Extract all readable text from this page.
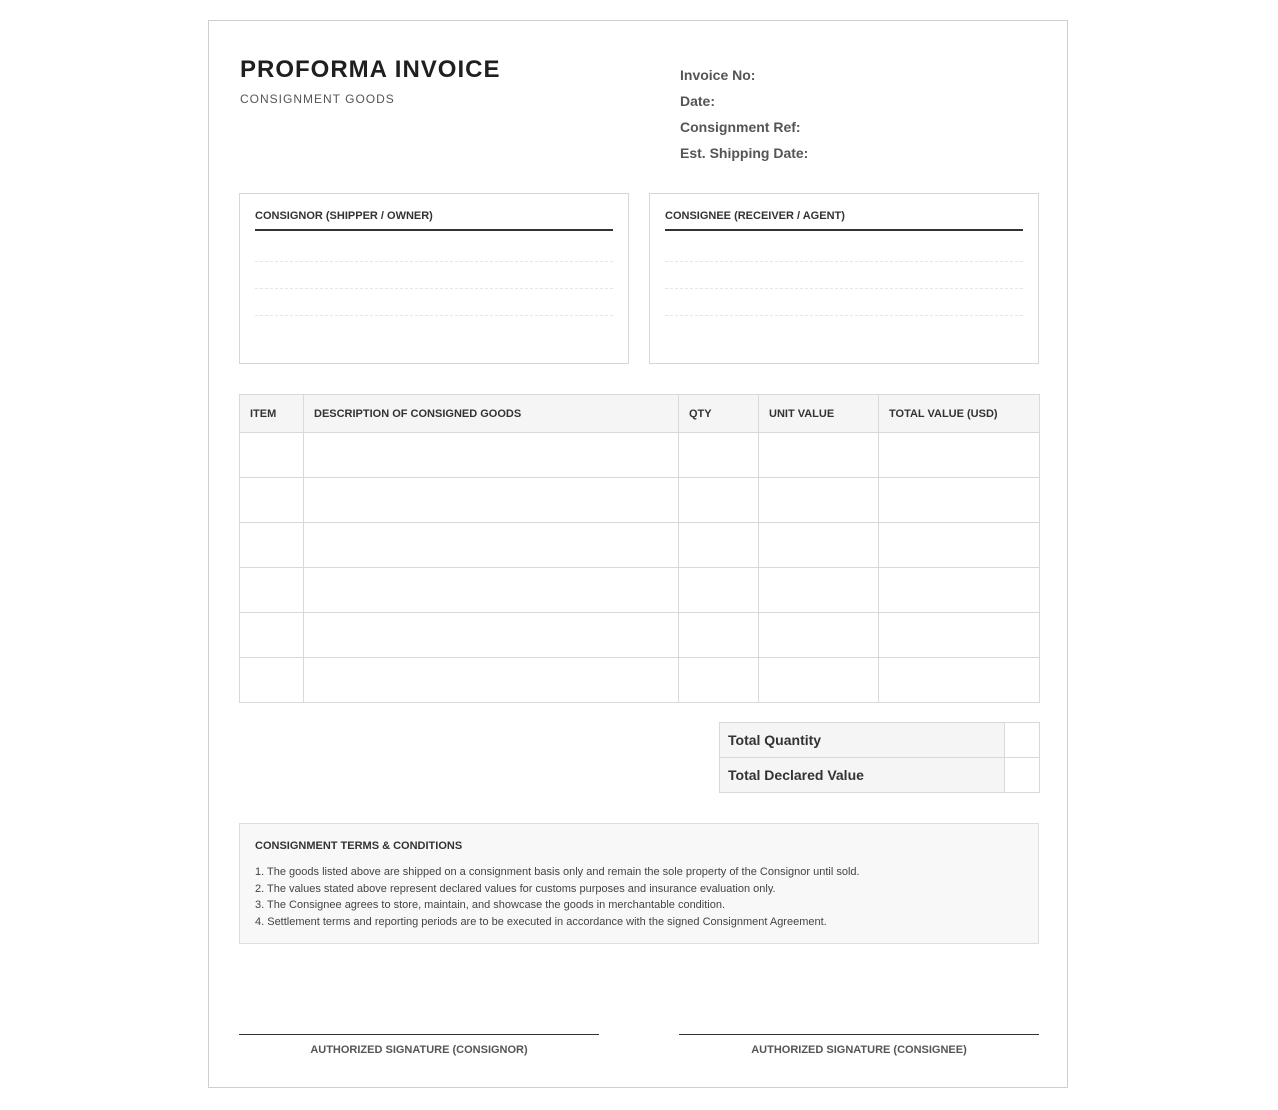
PROFORMA INVOICE
CONSIGNMENT GOODS
Invoice No:
Date:
Consignment Ref:
Est. Shipping Date:
CONSIGNOR (SHIPPER / OWNER)	CONSIGNEE (RECEIVER / AGENT)
ITEM	DESCRIPTION OF CONSIGNED GOODS	QTY	UNIT VALUE	TOTAL VALUE (USD)

Total Quantity	
Total Declared Value	
CONSIGNMENT TERMS & CONDITIONS
1. The goods listed above are shipped on a consignment basis only and remain the sole property of the Consignor until sold.
2. The values stated above represent declared values for customs purposes and insurance evaluation only.
3. The Consignee agrees to store, maintain, and showcase the goods in merchantable condition.
4. Settlement terms and reporting periods are to be executed in accordance with the signed Consignment Agreement.
AUTHORIZED SIGNATURE (CONSIGNOR)	AUTHORIZED SIGNATURE (CONSIGNEE)
